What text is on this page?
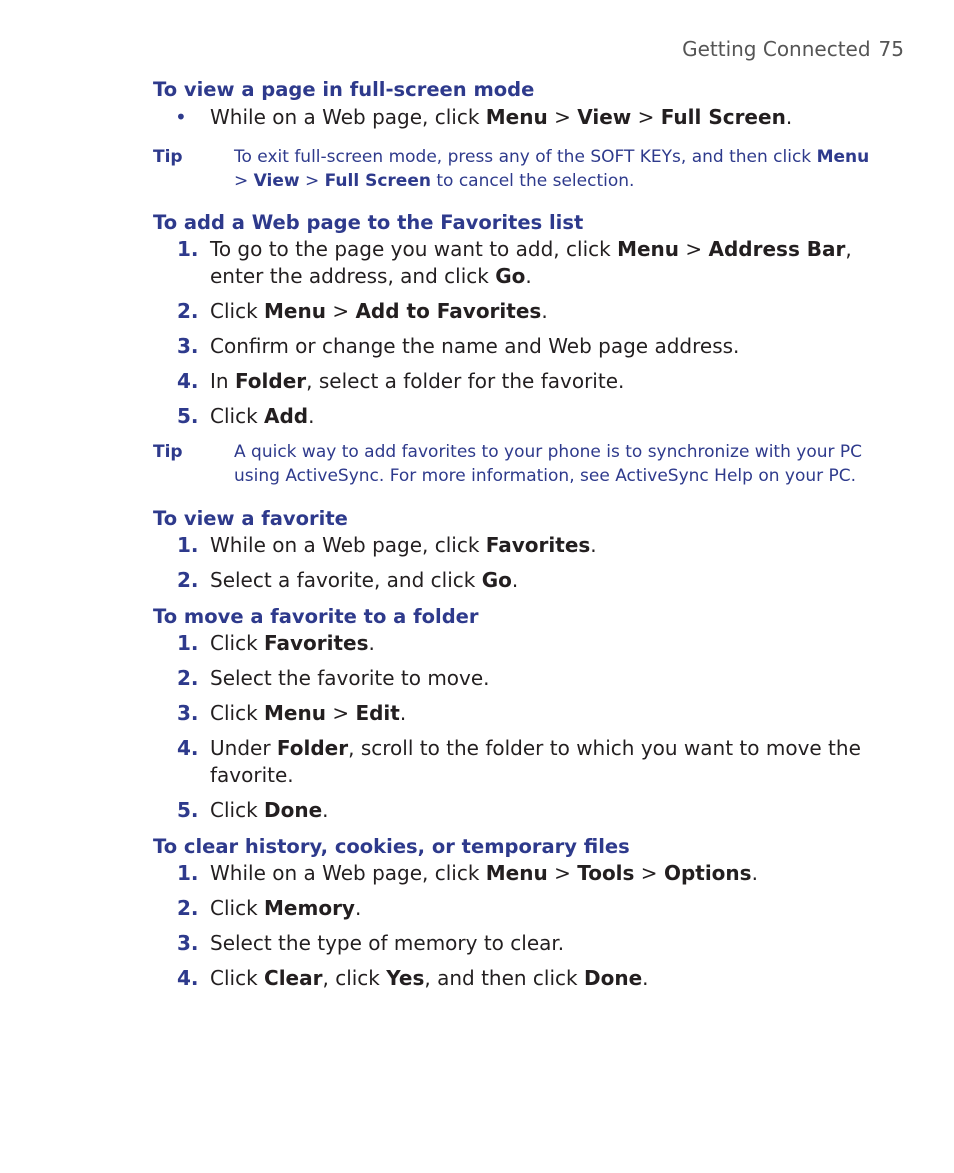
Getting Connected 75
To view a page in full-screen mode
• While on a Web page, click Menu > View > Full Screen.
Tip	To exit full-screen mode, press any of the SOFT KEYs, and then click Menu > View > Full Screen to cancel the selection.
To add a Web page to the Favorites list
1. To go to the page you want to add, click Menu > Address Bar, enter the address, and click Go.
2. Click Menu > Add to Favorites.
3. Confirm or change the name and Web page address.
4. In Folder, select a folder for the favorite.
5. Click Add.
Tip	A quick way to add favorites to your phone is to synchronize with your PC using ActiveSync. For more information, see ActiveSync Help on your PC.
To view a favorite
1. While on a Web page, click Favorites.
2. Select a favorite, and click Go.
To move a favorite to a folder
1. Click Favorites.
2. Select the favorite to move.
3. Click Menu > Edit.
4. Under Folder, scroll to the folder to which you want to move the favorite.
5. Click Done.
To clear history, cookies, or temporary files
1. While on a Web page, click Menu > Tools > Options.
2. Click Memory.
3. Select the type of memory to clear.
4. Click Clear, click Yes, and then click Done.
